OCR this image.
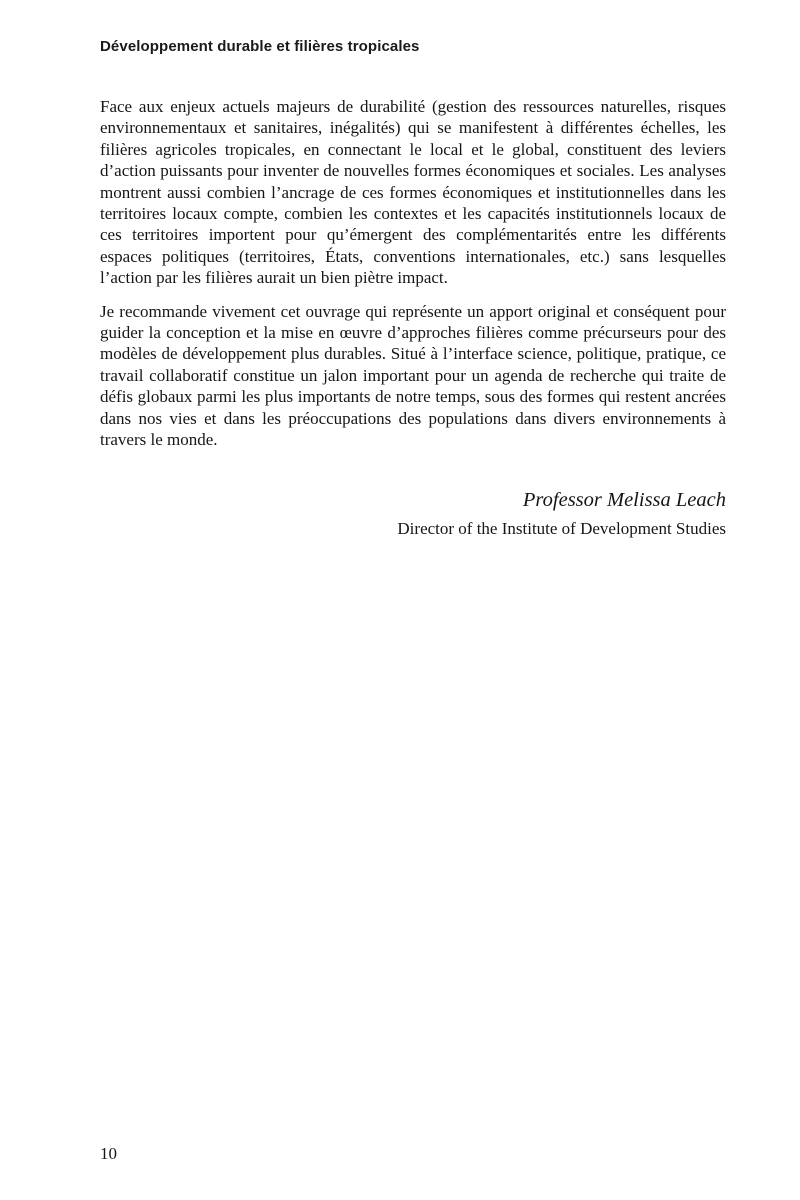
Développement durable et filières tropicales

Face aux enjeux actuels majeurs de durabilité (gestion des ressources naturelles, risques environnementaux et sanitaires, inégalités) qui se manifestent à différentes échelles, les filières agricoles tropicales, en connectant le local et le global, constituent des leviers d’action puissants pour inventer de nouvelles formes économiques et sociales. Les analyses montrent aussi combien l’ancrage de ces formes économiques et institutionnelles dans les territoires locaux compte, combien les contextes et les capacités institutionnels locaux de ces territoires importent pour qu’émergent des complémentarités entre les différents espaces politiques (territoires, États, conventions internationales, etc.) sans lesquelles l’action par les filières aurait un bien piètre impact.

Je recommande vivement cet ouvrage qui représente un apport original et conséquent pour guider la conception et la mise en œuvre d’approches filières comme précurseurs pour des modèles de développement plus durables. Situé à l’interface science, politique, pratique, ce travail collaboratif constitue un jalon important pour un agenda de recherche qui traite de défis globaux parmi les plus importants de notre temps, sous des formes qui restent ancrées dans nos vies et dans les préoccupations des populations dans divers environnements à travers le monde.

Professor Melissa Leach
Director of the Institute of Development Studies
10
